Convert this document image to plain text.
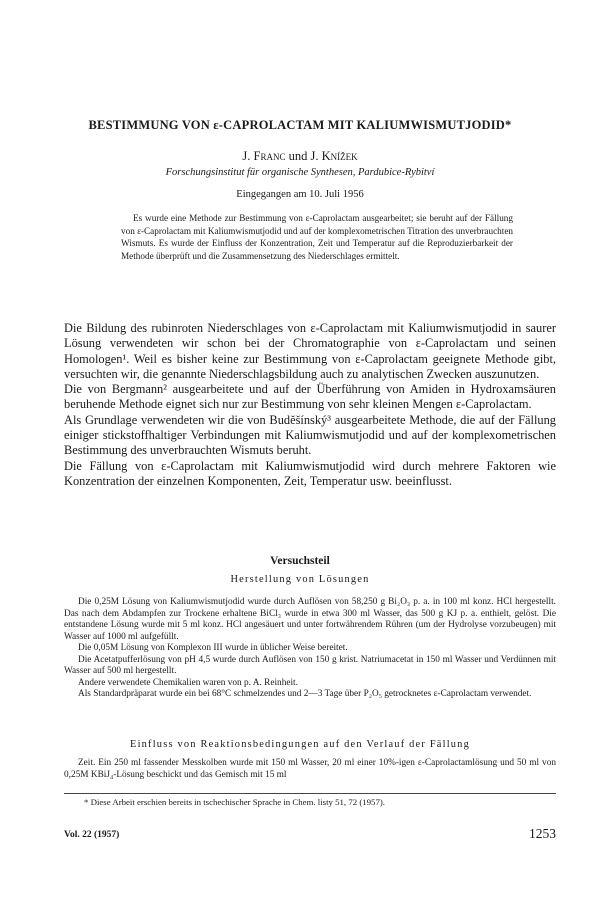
BESTIMMUNG VON ε-CAPROLACTAM MIT KALIUMWISMUTJODID*
J. Franc und J. Knížek
Forschungsinstitut für organische Synthesen, Pardubice-Rybitví
Eingegangen am 10. Juli 1956
Es wurde eine Methode zur Bestimmung von ε-Caprolactam ausgearbeitet; sie beruht auf der Fällung von ε-Caprolactam mit Kaliumwismutjodid und auf der komplexometrischen Titration des unverbrauchten Wismuts. Es wurde der Einfluss der Konzentration, Zeit und Temperatur auf die Reproduzierbarkeit der Methode überprüft und die Zusammensetzung des Niederschlages ermittelt.

Die Bildung des rubinroten Niederschlages von ε-Caprolactam mit Kaliumwismutjodid in saurer Lösung verwendeten wir schon bei der Chromatographie von ε-Caprolactam und seinen Homologen¹. Weil es bisher keine zur Bestimmung von ε-Caprolactam geeignete Methode gibt, versuchten wir, die genannte Niederschlagsbildung auch zu analytischen Zwecken auszunutzen.

Die von Bergmann² ausgearbeitete und auf der Überführung von Amiden in Hydroxamsäuren beruhende Methode eignet sich nur zur Bestimmung von sehr kleinen Mengen ε-Caprolactam.

Als Grundlage verwendeten wir die von Budĕšínský³ ausgearbeitete Methode, die auf der Fällung einiger stickstoffhaltiger Verbindungen mit Kaliumwismutjodid und auf der komplexometrischen Bestimmung des unverbrauchten Wismuts beruht.

Die Fällung von ε-Caprolactam mit Kaliumwismutjodid wird durch mehrere Faktoren wie Konzentration der einzelnen Komponenten, Zeit, Temperatur usw. beeinflusst.

Versuchsteil
Herstellung von Lösungen

Die 0,25M Lösung von Kaliumwismutjodid wurde durch Auflösen von 58,250 g Bi₂O₃ p. a. in 100 ml konz. HCl hergestellt. Das nach dem Abdampfen zur Trockene erhaltene BiCl₃ wurde in etwa 300 ml Wasser, das 500 g KJ p. a. enthielt, gelöst. Die entstandene Lösung wurde mit 5 ml konz. HCl angesäuert und unter fortwährendem Rühren (um der Hydrolyse vorzubeugen) mit Wasser auf 1000 ml aufgefüllt.

Die 0,05M Lösung von Komplexon III wurde in üblicher Weise bereitet.

Die Acetatpufferlösung von pH 4,5 wurde durch Auflösen von 150 g krist. Natriumacetat in 150 ml Wasser und Verdünnen mit Wasser auf 500 ml hergestellt.

Andere verwendete Chemikalien waren von p. A. Reinheit.

Als Standardpräparat wurde ein bei 68°C schmelzendes und 2—3 Tage über P₂O₅ getrocknetes ε-Caprolactam verwendet.

Einfluss von Reaktionsbedingungen auf den Verlauf der Fällung
Zeit. Ein 250 ml fassender Messkolben wurde mit 150 ml Wasser, 20 ml einer 10%-igen ε-Caprolactamlösung und 50 ml von 0,25M KBiJ₄-Lösung beschickt und das Gemisch mit 15 ml
* Diese Arbeit erschien bereits in tschechischer Sprache in Chem. listy 51, 72 (1957).
Vol. 22 (1957)	1253
